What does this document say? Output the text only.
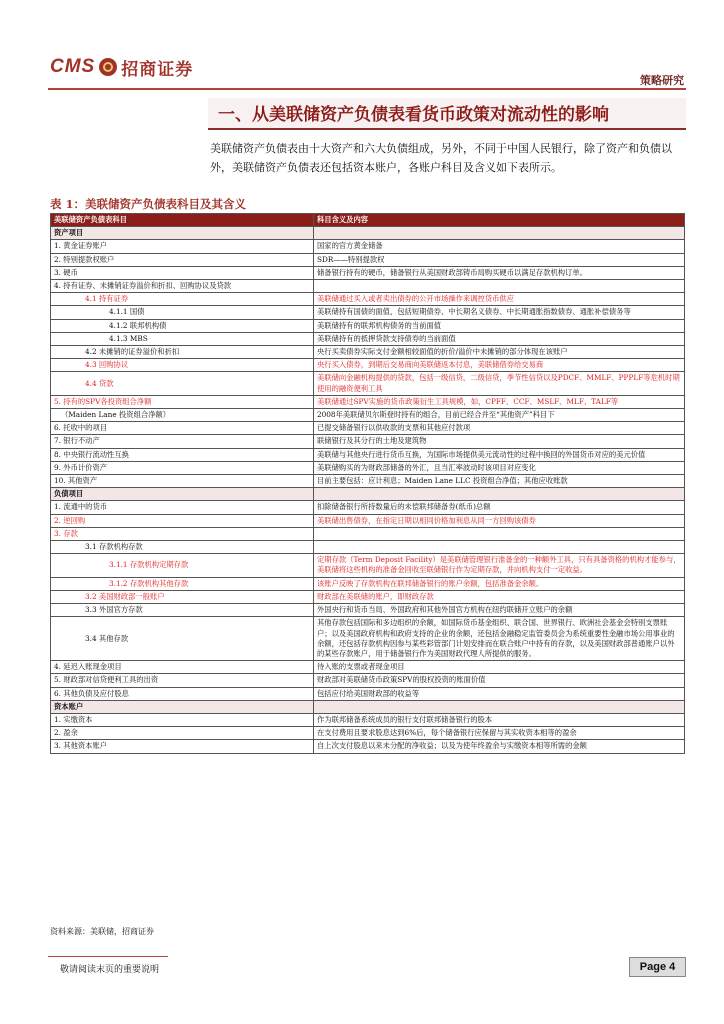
CMS 招商证券
策略研究
一、从美联储资产负债表看货币政策对流动性的影响
美联储资产负债表由十大资产和六大负债组成，另外，不同于中国人民银行，除了资产和负债以外，美联储资产负债表还包括资本账户，各账户科目及含义如下表所示。
表 1：美联储资产负债表科目及其含义
美联储资产负债表科目	科目含义及内容
资产项目	
1. 黄金证券账户	国家的官方黄金储备
2. 特别提款权账户	SDR——特别提款权
3. 硬币	储备银行持有的硬币，储备银行从美国财政部铸币局购买硬币以满足存款机构订单。
4. 持有证券、未摊销证券溢价和折扣、回购协议及贷款	
4.1 持有证券	美联储通过买入或者卖出债券的公开市场操作来调控货币供应
4.1.1 国债	美联储持有国债的面值，包括短期债券、中长期名义债券、中长期通胀指数债券、通胀补偿债务等
4.1.2 联邦机构债	美联储持有的联邦机构债务的当前面值
4.1.3 MBS	美联储持有的抵押贷款支持债券的当前面值
4.2 未摊销的证券溢价和折扣	央行买卖债券实际支付金额相较面值的折价/溢价中未摊销的部分体现在该账户
4.3 回购协议	央行买入债券，到期后交易商向美联储返本付息，美联储借券给交易商
4.4 贷款	美联储向金融机构提供的贷款，包括一级信贷，二级信贷，季节性信贷以及PDCF、MMLF、PPPLF等危机时期使用的融资便利工具
5. 持有的SPV各投资组合净额	美联储通过SPV实施的货币政策衍生工具规模，如，CPFF、CCF、MSLF、MLF、TALF等
（Maiden Lane 投资组合净额）	2008年美联储贝尔斯登时持有的组合，目前已经合并至“其他资产”科目下
6. 托收中的项目	已提交储备银行以供收款的支票和其他应付款项
7. 银行不动产	联储银行及其分行的土地及建筑物
8. 中央银行流动性互换	美联储与其他央行进行货币互换，为国际市场提供美元流动性的过程中换回的外国货币对应的美元价值
9. 外币计价资产	美联储购买的为财政部储备的外汇，且当汇率波动时该项目对应变化
10. 其他资产	目前主要包括：应计利息；Maiden Lane LLC 投资组合净值；其他应收账款
负债项目	
1. 流通中的货币	扣除储备银行所持数量后的未偿联邦储备券(纸币)总额
2. 逆回购	美联储出售债券，在指定日期以相同价格加利息从同一方回购该债券
3. 存款	
3.1 存款机构存款	
3.1.1 存款机构定期存款	定期存款（Term Deposit Facility）是美联储管理银行准备金的一种额外工具，只有具备资格的机构才能参与，美联储将这些机构的准备金回收至联储银行作为定期存款，并向机构支付一定收益。
3.1.2 存款机构其他存款	该账户反映了存款机构在联邦储备银行的账户余额，包括准备金余额。
3.2 美国财政部一般账户	财政部在美联储的账户，即财政存款
3.3 外国官方存款	外国央行和货币当局、外国政府和其他外国官方机构在纽约联储开立账户的余额
3.4 其他存款	其他存款包括国际和多边组织的余额，如国际货币基金组织、联合国、世界银行、欧洲社会基金会特别支票账户；以及美国政府机构和政府支持的企业的余额，还包括金融稳定监管委员会为系统重要性金融市场公用事业的余额，还包括存款机构因参与某些彩管部门计划安排而在联合账户中持有的存款，以及美国财政部普通账户以外的某些存款账户，用于储备银行作为美国财政代理人所提供的服务。
4. 延迟入账现金项目	待入账的支票或者现金项目
5. 财政部对信贷便利工具的出资	财政部对美联储货币政策SPV的股权投资的账面价值
6. 其他负债及应付股息	包括应付给美国财政部的收益等
资本账户	
1. 实缴资本	作为联邦储备系统成员的银行支付联邦储备银行的股本
2. 盈余	在支付费用且要求股息达到6%后，每个储备银行应保留与其实收资本相等的盈余
3. 其他资本账户	自上次支付股息以来未分配的净收益；以及为使年终盈余与实缴资本相等所需的金额
资料来源：美联储，招商证券
敬请阅读末页的重要说明	Page 4
